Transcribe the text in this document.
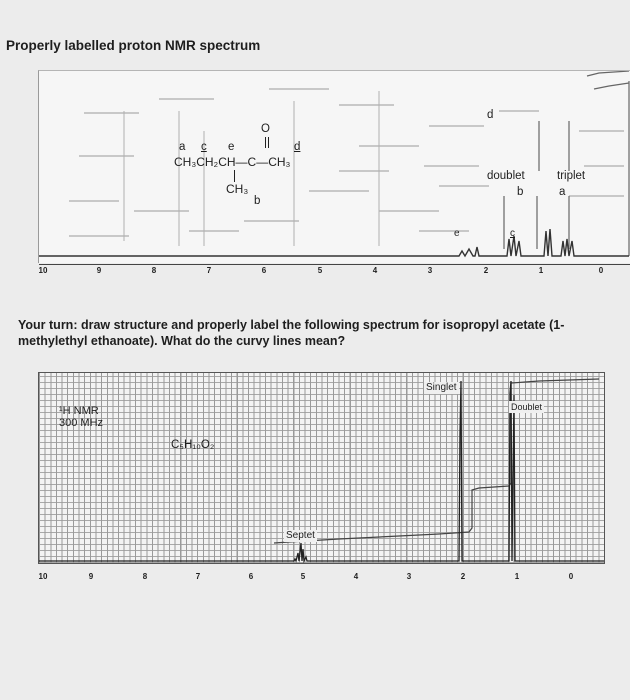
Properly labelled proton NMR spectrum
a c e
O
d
CH₃CH₂CH—C—CH₃
CH₃
b
d
doublet
b
triplet
a
e	c
10	9	8	7	6	5	4	3	2	1	0
Your turn: draw structure and properly label the following spectrum for isopropyl acetate (1-methylethyl ethanoate). What do the curvy lines mean?
¹H NMR
300 MHz
C₅H₁₀O₂
Singlet
Doublet
Septet
10	9	8	7	6	5	4	3	2	1	0
